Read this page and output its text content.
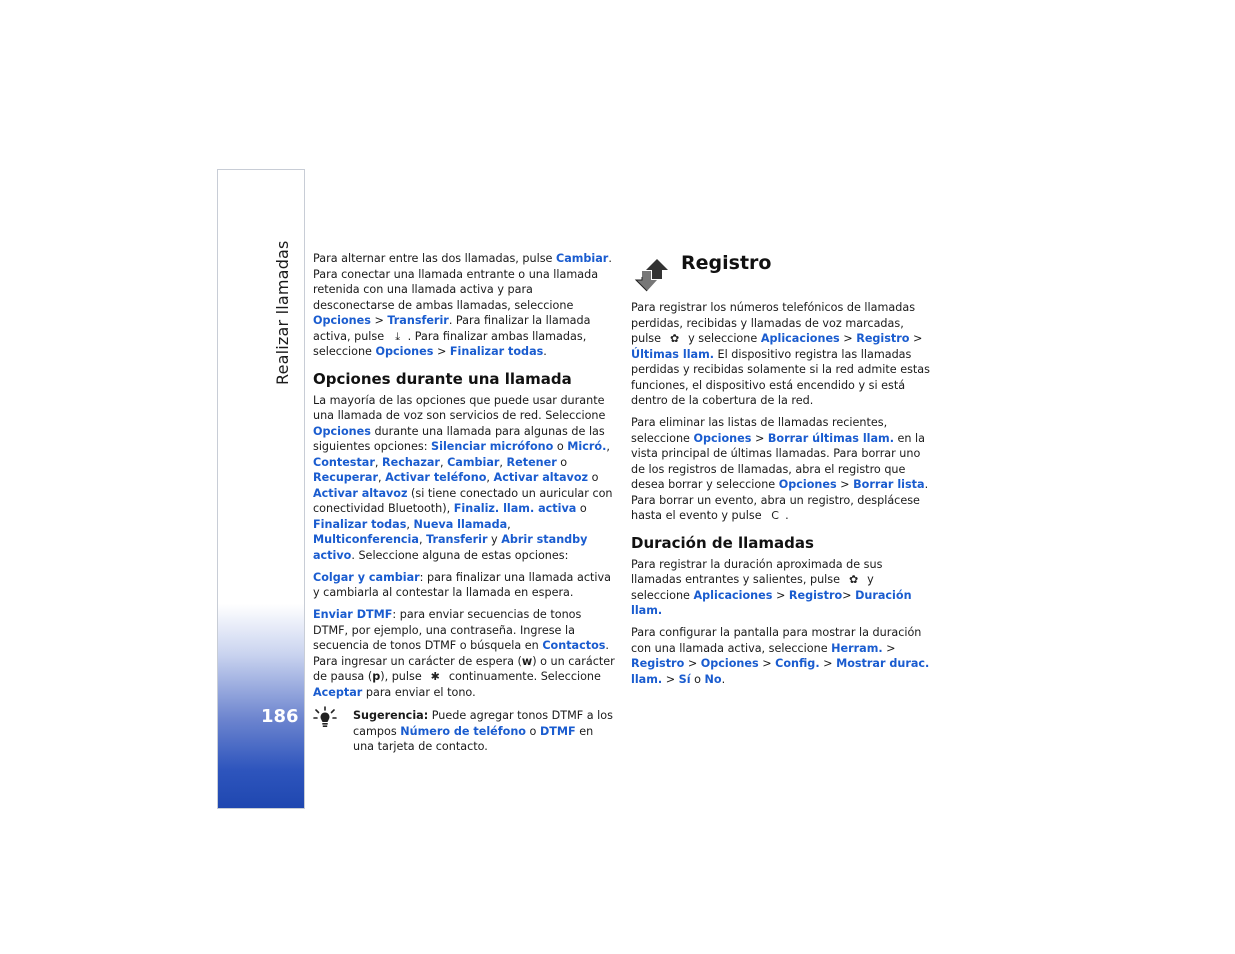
Realizar llamadas
186

Para alternar entre las dos llamadas, pulse Cambiar. Para conectar una llamada entrante o una llamada retenida con una llamada activa y para desconectarse de ambas llamadas, seleccione Opciones > Transferir. Para finalizar la llamada activa, pulse ⤓ . Para finalizar ambas llamadas, seleccione Opciones > Finalizar todas.

Opciones durante una llamada

La mayoría de las opciones que puede usar durante una llamada de voz son servicios de red. Seleccione Opciones durante una llamada para algunas de las siguientes opciones: Silenciar micrófono o Micró., Contestar, Rechazar, Cambiar, Retener o Recuperar, Activar teléfono, Activar altavoz o Activar altavoz (si tiene conectado un auricular con conectividad Bluetooth), Finaliz. llam. activa o Finalizar todas, Nueva llamada, Multiconferencia, Transferir y Abrir standby activo. Seleccione alguna de estas opciones:

Colgar y cambiar: para finalizar una llamada activa y cambiarla al contestar la llamada en espera.

Enviar DTMF: para enviar secuencias de tonos DTMF, por ejemplo, una contraseña. Ingrese la secuencia de tonos DTMF o búsquela en Contactos. Para ingresar un carácter de espera (w) o un carácter de pausa (p), pulse ✱ continuamente. Seleccione Aceptar para enviar el tono.

Sugerencia: Puede agregar tonos DTMF a los campos Número de teléfono o DTMF en una tarjeta de contacto.
Registro

Para registrar los números telefónicos de llamadas perdidas, recibidas y llamadas de voz marcadas, pulse ✿ y seleccione Aplicaciones > Registro > Últimas llam. El dispositivo registra las llamadas perdidas y recibidas solamente si la red admite estas funciones, el dispositivo está encendido y si está dentro de la cobertura de la red.

Para eliminar las listas de llamadas recientes, seleccione Opciones > Borrar últimas llam. en la vista principal de últimas llamadas. Para borrar uno de los registros de llamadas, abra el registro que desea borrar y seleccione Opciones > Borrar lista. Para borrar un evento, abra un registro, desplácese hasta el evento y pulse C .

Duración de llamadas

Para registrar la duración aproximada de sus llamadas entrantes y salientes, pulse ✿ y seleccione Aplicaciones > Registro> Duración llam.

Para configurar la pantalla para mostrar la duración con una llamada activa, seleccione Herram. > Registro > Opciones > Config. > Mostrar durac. llam. > Sí o No.
